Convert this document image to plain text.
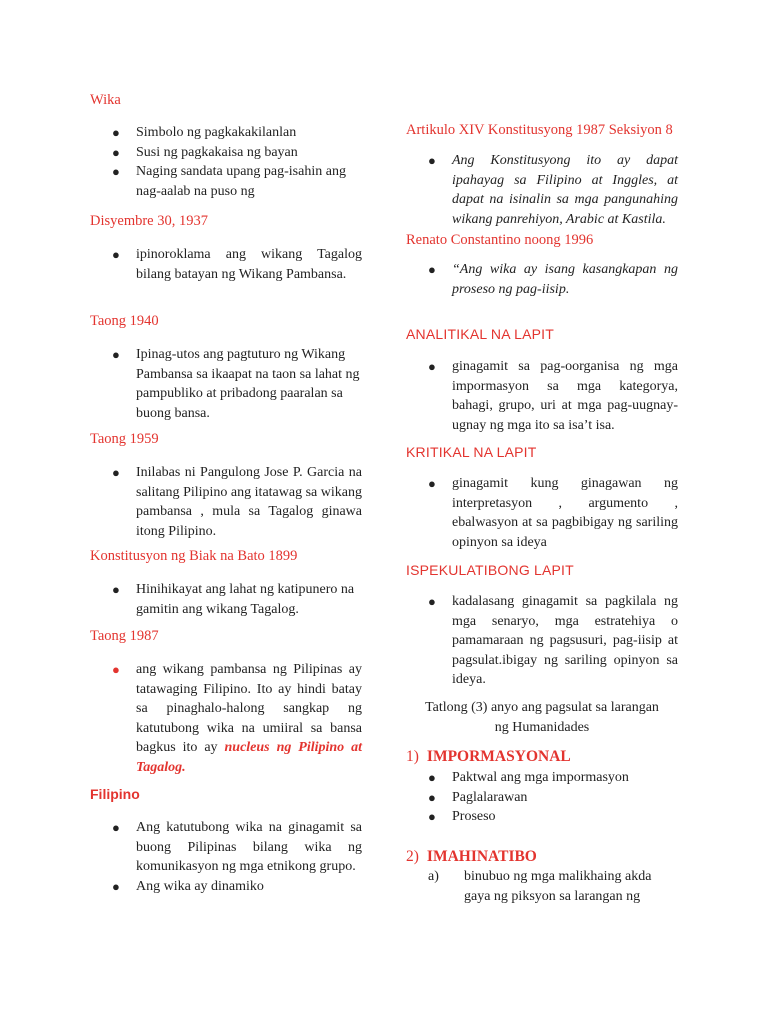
Wika
● Simbolo ng pagkakakilanlan
● Susi ng pagkakaisa ng bayan
● Naging sandata upang pag-isahin ang nag-aalab na puso ng
Disyembre 30, 1937
● ipinoroklama ang wikang Tagalog bilang batayan ng Wikang Pambansa.
Taong 1940
● Ipinag-utos ang pagtuturo ng Wikang Pambansa sa ikaapat na taon sa lahat ng pampubliko at pribadong paaralan sa buong bansa.
Taong 1959
● Inilabas ni Pangulong Jose P. Garcia na salitang Pilipino ang itatawag sa wikang pambansa , mula sa Tagalog ginawa itong Pilipino.
Konstitusyon ng Biak na Bato 1899
● Hinihikayat ang lahat ng katipunero na gamitin ang wikang Tagalog.
Taong 1987
● ang wikang pambansa ng Pilipinas ay tatawaging Filipino. Ito ay hindi batay sa pinaghalo-halong sangkap ng katutubong wika na umiiral sa bansa bagkus ito ay nucleus ng Pilipino at Tagalog.
Filipino
● Ang katutubong wika na ginagamit sa buong Pilipinas bilang wika ng komunikasyon ng mga etnikong grupo.
● Ang wika ay dinamiko
Artikulo XIV Konstitusyong 1987 Seksiyon 8
● Ang Konstitusyong ito ay dapat ipahayag sa Filipino at Inggles, at dapat na isinalin sa mga pangunahing wikang panrehiyon, Arabic at Kastila.
Renato Constantino noong 1996
● “Ang wika ay isang kasangkapan ng proseso ng pag-iisip.
ANALITIKAL NA LAPIT
● ginagamit sa pag-oorganisa ng mga impormasyon sa mga kategorya, bahagi, grupo, uri at mga pag-uugnay-ugnay ng mga ito sa isa’t isa.
KRITIKAL NA LAPIT
● ginagamit kung ginagawan ng interpretasyon , argumento , ebalwasyon at sa pagbibigay ng sariling opinyon sa ideya
ISPEKULATIBONG LAPIT
● kadalasang ginagamit sa pagkilala ng mga senaryo, mga estratehiya o pamamaraan ng pagsusuri, pag-iisip at pagsulat.ibigay ng sariling opinyon sa ideya.
Tatlong (3) anyo ang pagsulat sa larangan
ng Humanidades
1) IMPORMASYONAL
● Paktwal ang mga impormasyon
● Paglalarawan
● Proseso
2) IMAHINATIBO
a)	binubuo ng mga malikhaing akda gaya ng piksyon sa larangan ng
